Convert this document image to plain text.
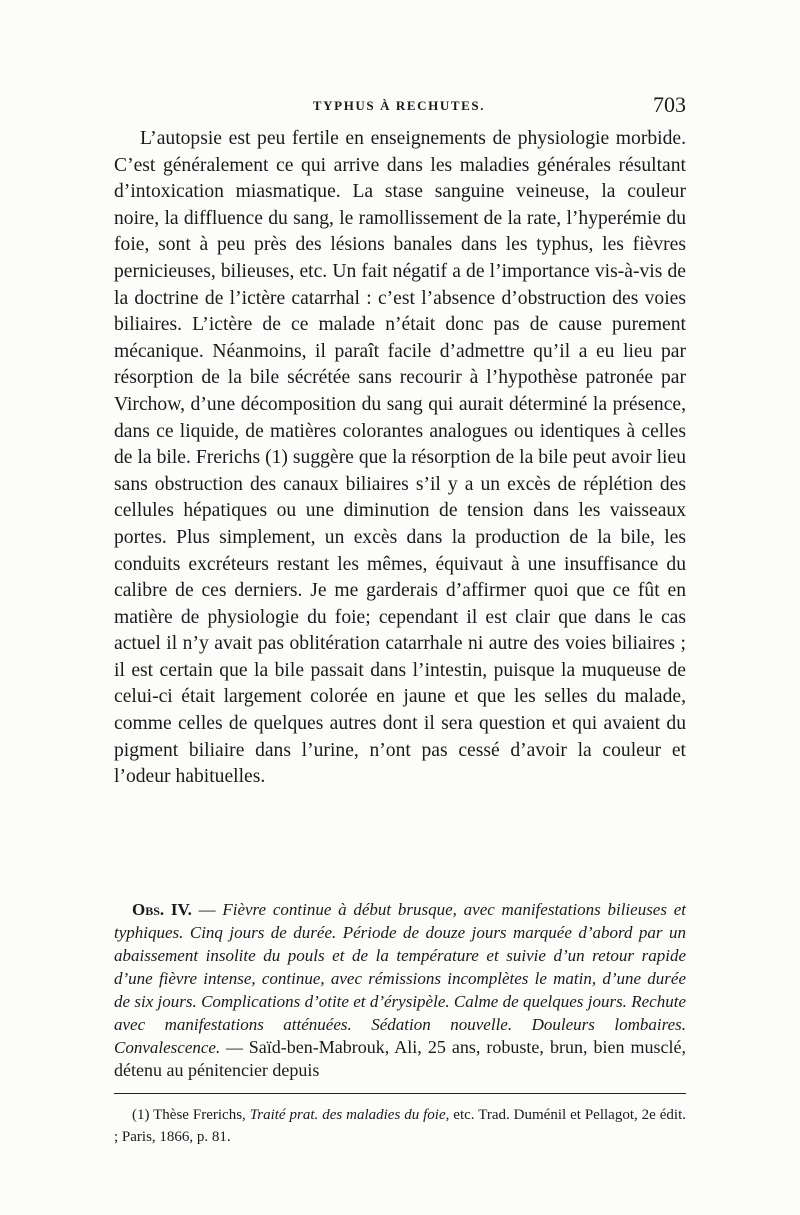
TYPHUS À RECHUTES.	703

L’autopsie est peu fertile en enseignements de physiologie morbide. C’est généralement ce qui arrive dans les maladies générales résultant d’intoxication miasmatique. La stase sanguine veineuse, la couleur noire, la diffluence du sang, le ramollissement de la rate, l’hyperémie du foie, sont à peu près des lésions banales dans les typhus, les fièvres pernicieuses, bilieuses, etc. Un fait négatif a de l’importance vis-à-vis de la doctrine de l’ictère catarrhal : c’est l’absence d’obstruction des voies biliaires. L’ictère de ce malade n’était donc pas de cause purement mécanique. Néanmoins, il paraît facile d’admettre qu’il a eu lieu par résorption de la bile sécrétée sans recourir à l’hypothèse patronée par Virchow, d’une décomposition du sang qui aurait déterminé la présence, dans ce liquide, de matières colorantes analogues ou identiques à celles de la bile. Frerichs (1) suggère que la résorption de la bile peut avoir lieu sans obstruction des canaux biliaires s’il y a un excès de réplétion des cellules hépatiques ou une diminution de tension dans les vaisseaux portes. Plus simplement, un excès dans la production de la bile, les conduits excréteurs restant les mêmes, équivaut à une insuffisance du calibre de ces derniers. Je me garderais d’affirmer quoi que ce fût en matière de physiologie du foie; cependant il est clair que dans le cas actuel il n’y avait pas oblitération catarrhale ni autre des voies biliaires ; il est certain que la bile passait dans l’intestin, puisque la muqueuse de celui-ci était largement colorée en jaune et que les selles du malade, comme celles de quelques autres dont il sera question et qui avaient du pigment biliaire dans l’urine, n’ont pas cessé d’avoir la couleur et l’odeur habituelles.

Obs. IV. — Fièvre continue à début brusque, avec manifestations bilieuses et typhiques. Cinq jours de durée. Période de douze jours marquée d’abord par un abaissement insolite du pouls et de la température et suivie d’un retour rapide d’une fièvre intense, continue, avec rémissions incomplètes le matin, d’une durée de six jours. Complications d’otite et d’érysipèle. Calme de quelques jours. Rechute avec manifestations atténuées. Sédation nouvelle. Douleurs lombaires. Convalescence. — Saïd-ben-Mabrouk, Ali, 25 ans, robuste, brun, bien musclé, détenu au pénitencier depuis

(1) Thèse Frerichs, Traité prat. des maladies du foie, etc. Trad. Duménil et Pellagot, 2e édit. ; Paris, 1866, p. 81.
